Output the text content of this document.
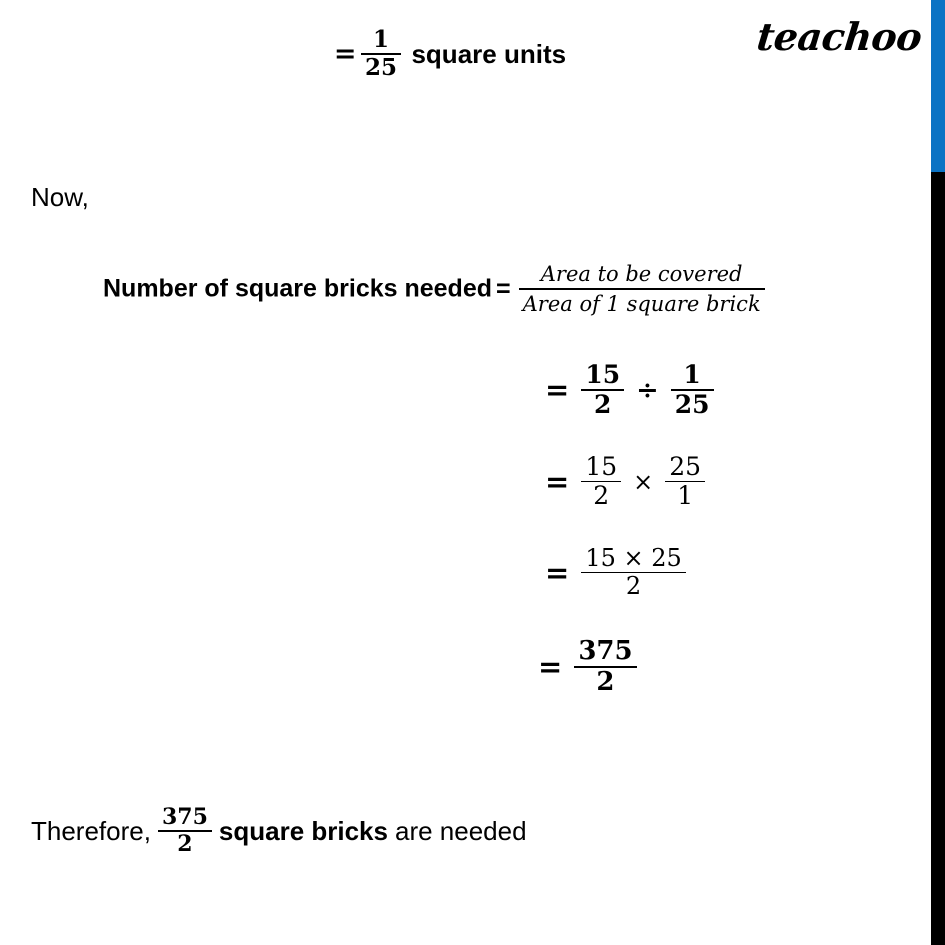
teachoo
= $\frac{1}{25}$ square units
Now,
Number of square bricks needed = $\frac{\text{Area to be covered}}{\text{Area of 1 square brick}}$
= $\frac{15}{2} \div \frac{1}{25}$
= $\frac{15}{2} \times \frac{25}{1}$
= $\frac{15 \times 25}{2}$
= $\frac{375}{2}$
Therefore, $\frac{375}{2}$ square bricks are needed
